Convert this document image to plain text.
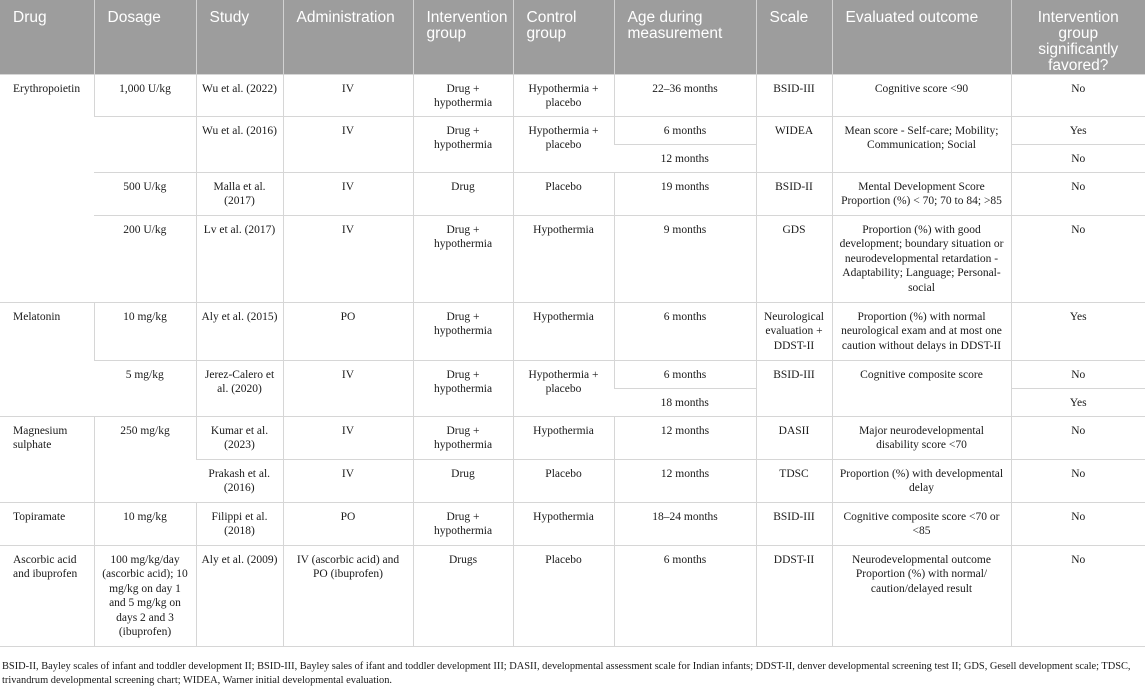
Drug	Dosage	Study	Administration	Intervention group	Control group	Age during measurement	Scale	Evaluated outcome	Intervention group significantly favored?
Erythropoietin	1,000 U/kg	Wu et al. (2022)	IV	Drug + hypothermia	Hypothermia + placebo	22–36 months	BSID-III	Cognitive score <90	No
		Wu et al. (2016)	IV	Drug + hypothermia	Hypothermia + placebo	6 months	WIDEA	Mean score - Self-care; Mobility; Communication; Social	Yes
						12 months			No
	500 U/kg	Malla et al. (2017)	IV	Drug	Placebo	19 months	BSID-II	Mental Development Score Proportion (%) < 70; 70 to 84; >85	No
	200 U/kg	Lv et al. (2017)	IV	Drug + hypothermia	Hypothermia	9 months	GDS	Proportion (%) with good development; boundary situation or neurodevelopmental retardation - Adaptability; Language; Personal-social	No
Melatonin	10 mg/kg	Aly et al. (2015)	PO	Drug + hypothermia	Hypothermia	6 months	Neurological evaluation + DDST-II	Proportion (%) with normal neurological exam and at most one caution without delays in DDST-II	Yes
	5 mg/kg	Jerez-Calero et al. (2020)	IV	Drug + hypothermia	Hypothermia + placebo	6 months	BSID-III	Cognitive composite score	No
						18 months			Yes
Magnesium sulphate	250 mg/kg	Kumar et al. (2023)	IV	Drug + hypothermia	Hypothermia	12 months	DASII	Major neurodevelopmental disability score <70	No
		Prakash et al. (2016)	IV	Drug	Placebo	12 months	TDSC	Proportion (%) with developmental delay	No
Topiramate	10 mg/kg	Filippi et al. (2018)	PO	Drug + hypothermia	Hypothermia	18–24 months	BSID-III	Cognitive composite score <70 or <85	No
Ascorbic acid and ibuprofen	100 mg/kg/day (ascorbic acid); 10 mg/kg on day 1 and 5 mg/kg on days 2 and 3 (ibuprofen)	Aly et al. (2009)	IV (ascorbic acid) and PO (ibuprofen)	Drugs	Placebo	6 months	DDST-II	Neurodevelopmental outcome Proportion (%) with normal/ caution/delayed result	No
BSID-II, Bayley scales of infant and toddler development II; BSID-III, Bayley sales of ifant and toddler development III; DASII, developmental assessment scale for Indian infants; DDST-II, denver developmental screening test II; GDS, Gesell development scale; TDSC, trivandrum developmental screening chart; WIDEA, Warner initial developmental evaluation.
